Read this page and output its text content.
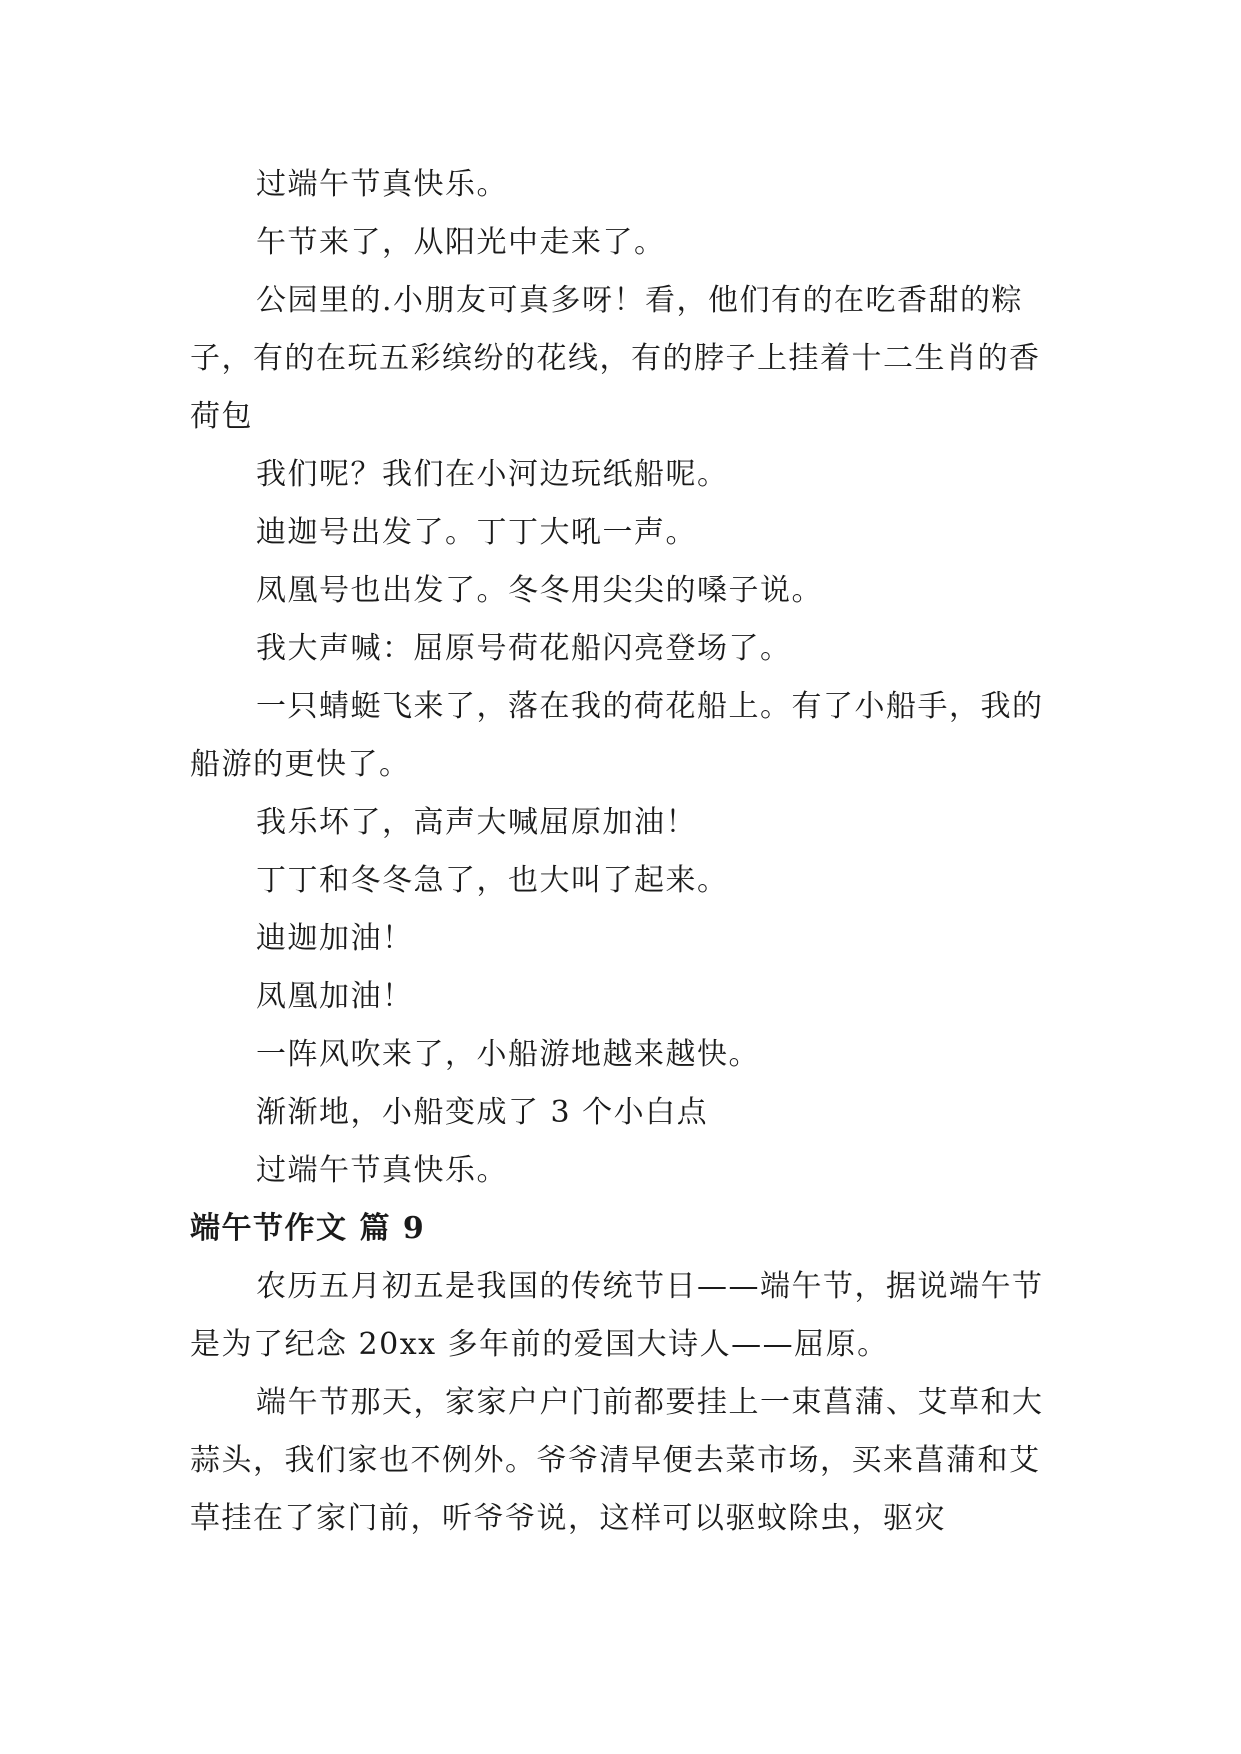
过端午节真快乐。

午节来了，从阳光中走来了。

公园里的.小朋友可真多呀！看，他们有的在吃香甜的粽子，有的在玩五彩缤纷的花线，有的脖子上挂着十二生肖的香荷包

我们呢？我们在小河边玩纸船呢。

迪迦号出发了。丁丁大吼一声。

凤凰号也出发了。冬冬用尖尖的嗓子说。

我大声喊：屈原号荷花船闪亮登场了。

一只蜻蜓飞来了，落在我的荷花船上。有了小船手，我的船游的更快了。

我乐坏了，高声大喊屈原加油！

丁丁和冬冬急了，也大叫了起来。

迪迦加油！

凤凰加油！

一阵风吹来了，小船游地越来越快。

渐渐地，小船变成了 3 个小白点

过端午节真快乐。

端午节作文 篇 9

农历五月初五是我国的传统节日——端午节，据说端午节是为了纪念 20xx 多年前的爱国大诗人——屈原。

端午节那天，家家户户门前都要挂上一束菖蒲、艾草和大蒜头，我们家也不例外。爷爷清早便去菜市场，买来菖蒲和艾草挂在了家门前，听爷爷说，这样可以驱蚊除虫，驱灾
